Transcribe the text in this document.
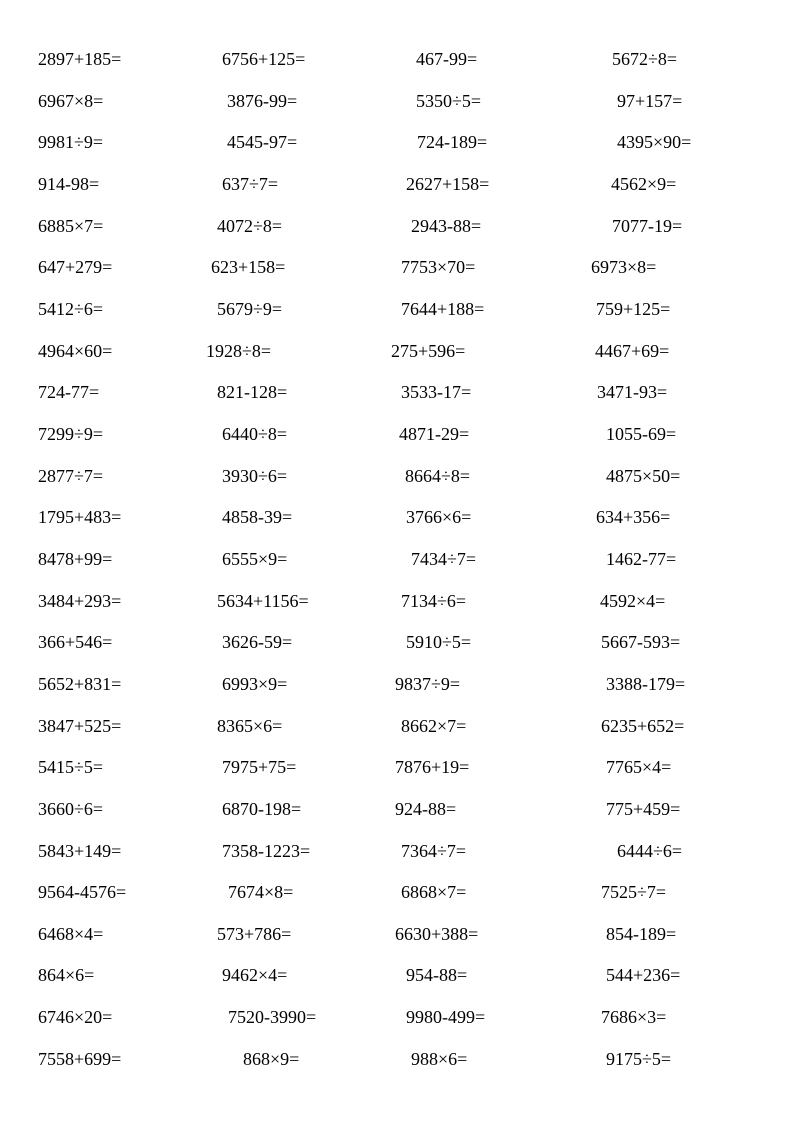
2897+185=	6756+125=	467-99=	5672÷8=
6967×8=	3876-99=	5350÷5=	97+157=
9981÷9=	4545-97=	724-189=	4395×90=
914-98=	637÷7=	2627+158=	4562×9=
6885×7=	4072÷8=	2943-88=	7077-19=
647+279=	623+158=	7753×70=	6973×8=
5412÷6=	5679÷9=	7644+188=	759+125=
4964×60=	1928÷8=	275+596=	4467+69=
724-77=	821-128=	3533-17=	3471-93=
7299÷9=	6440÷8=	4871-29=	1055-69=
2877÷7=	3930÷6=	8664÷8=	4875×50=
1795+483=	4858-39=	3766×6=	634+356=
8478+99=	6555×9=	7434÷7=	1462-77=
3484+293=	5634+1156=	7134÷6=	4592×4=
366+546=	3626-59=	5910÷5=	5667-593=
5652+831=	6993×9=	9837÷9=	3388-179=
3847+525=	8365×6=	8662×7=	6235+652=
5415÷5=	7975+75=	7876+19=	7765×4=
3660÷6=	6870-198=	924-88=	775+459=
5843+149=	7358-1223=	7364÷7=	6444÷6=
9564-4576=	7674×8=	6868×7=	7525÷7=
6468×4=	573+786=	6630+388=	854-189=
864×6=	9462×4=	954-88=	544+236=
6746×20=	7520-3990=	9980-499=	7686×3=
7558+699=	868×9=	988×6=	9175÷5=
